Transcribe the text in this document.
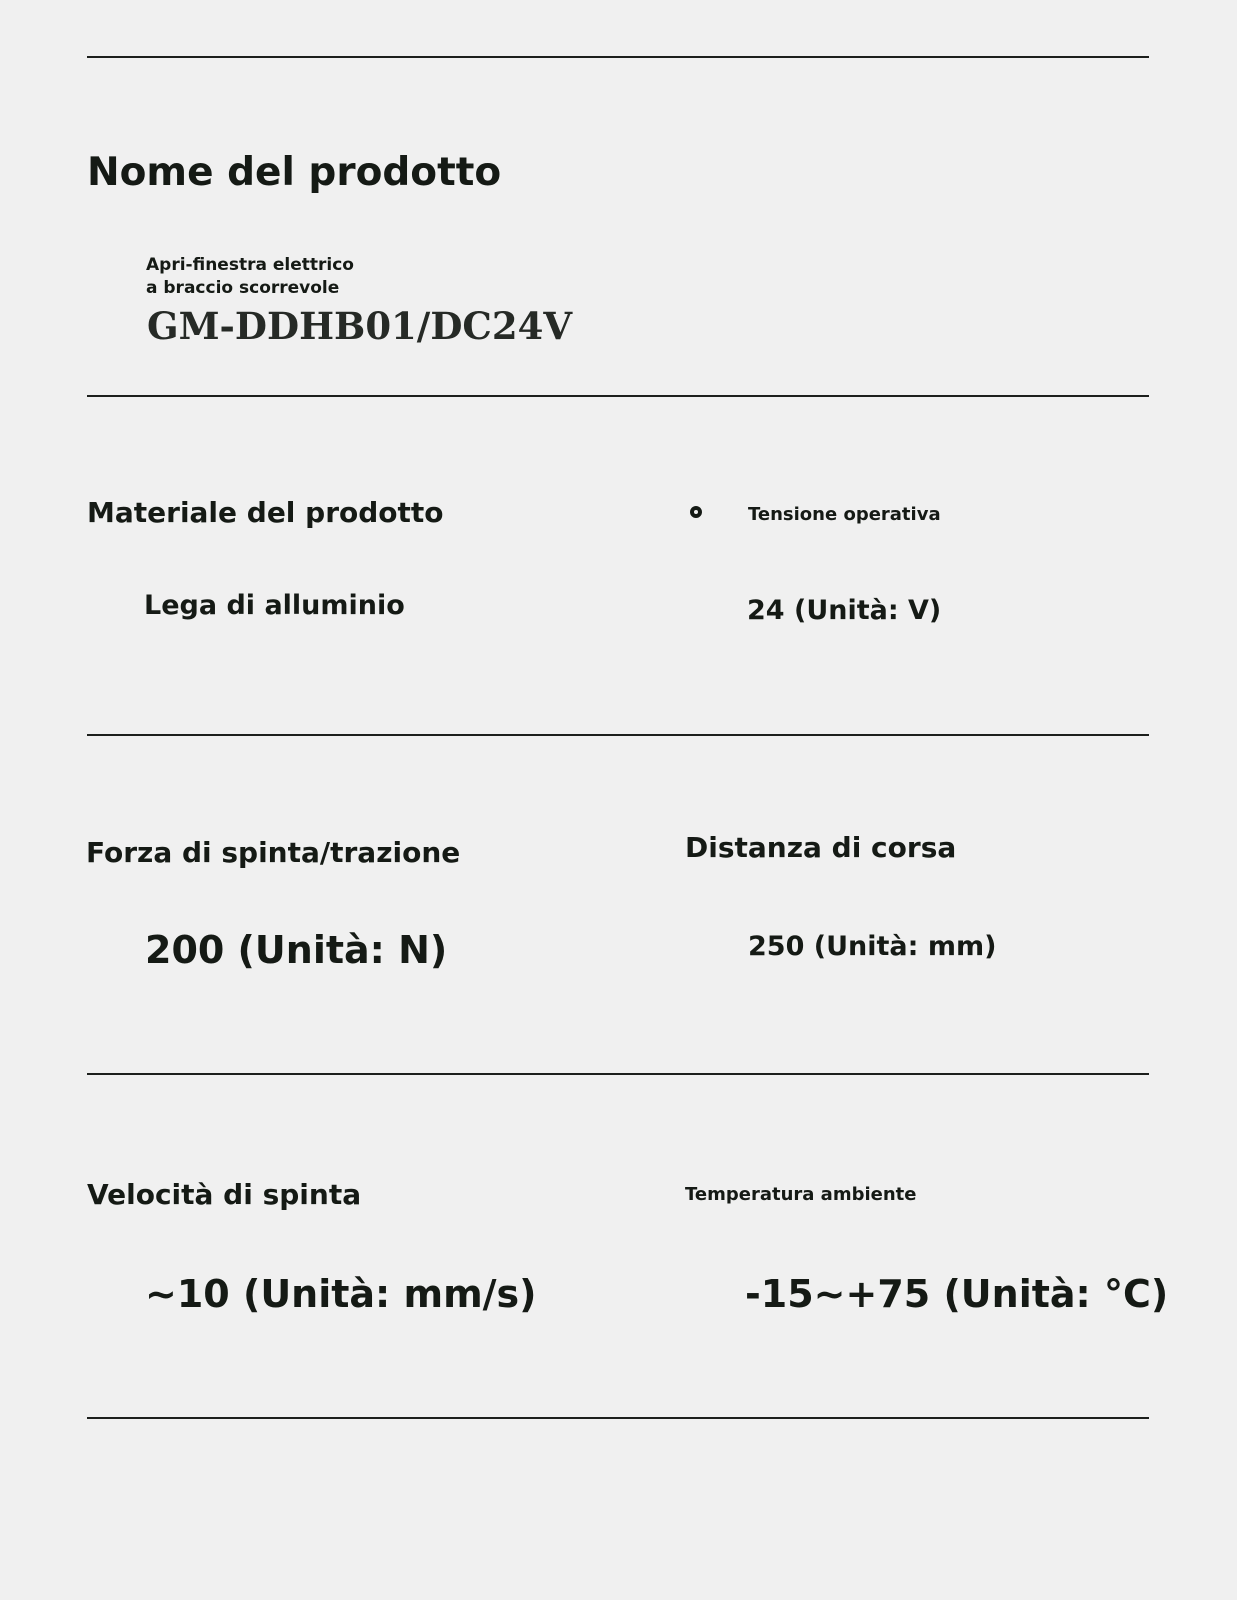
Nome del prodotto
Apri-finestra elettrico
a braccio scorrevole
GM-DDHB01/DC24V
Materiale del prodotto
Lega di alluminio
Tensione operativa
24 (Unità: V)
Forza di spinta/trazione
200 (Unità: N)
Distanza di corsa
250 (Unità: mm)
Velocità di spinta
~10 (Unità: mm/s)
Temperatura ambiente
-15~+75 (Unità: °C)
